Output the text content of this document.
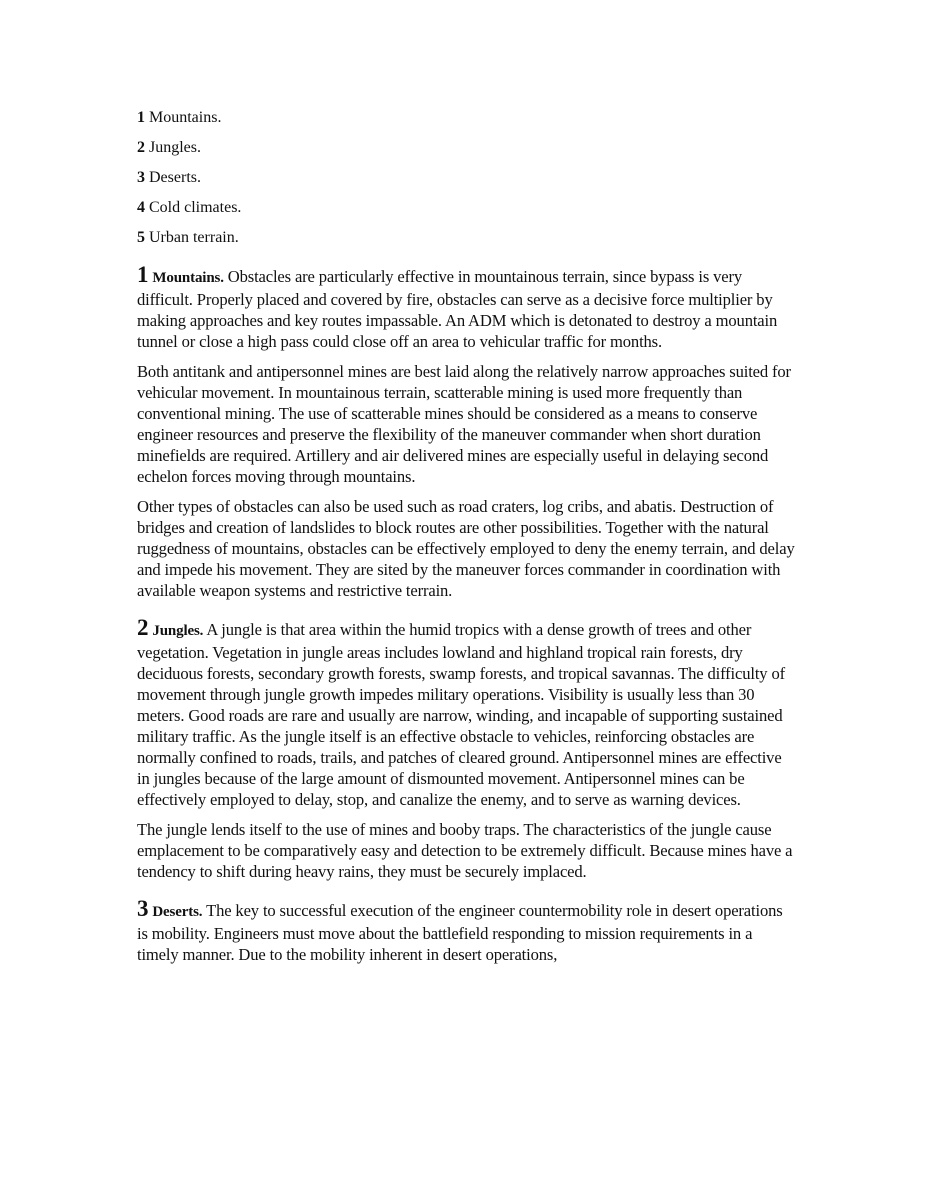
1 Mountains.
2 Jungles.
3 Deserts.
4 Cold climates.
5 Urban terrain.

1 Mountains. Obstacles are particularly effective in mountainous terrain, since bypass is very difficult. Properly placed and covered by fire, obstacles can serve as a decisive force multiplier by making approaches and key routes impassable. An ADM which is detonated to destroy a mountain tunnel or close a high pass could close off an area to vehicular traffic for months.

Both antitank and antipersonnel mines are best laid along the relatively narrow approaches suited for vehicular movement. In mountainous terrain, scatterable mining is used more frequently than conventional mining. The use of scatterable mines should be considered as a means to conserve engineer resources and preserve the flexibility of the maneuver commander when short duration minefields are required. Artillery and air delivered mines are especially useful in delaying second echelon forces moving through mountains.

Other types of obstacles can also be used such as road craters, log cribs, and abatis. Destruction of bridges and creation of landslides to block routes are other possibilities. Together with the natural ruggedness of mountains, obstacles can be effectively employed to deny the enemy terrain, and delay and impede his movement. They are sited by the maneuver forces commander in coordination with available weapon systems and restrictive terrain.

2 Jungles. A jungle is that area within the humid tropics with a dense growth of trees and other vegetation. Vegetation in jungle areas includes lowland and highland tropical rain forests, dry deciduous forests, secondary growth forests, swamp forests, and tropical savannas. The difficulty of movement through jungle growth impedes military operations. Visibility is usually less than 30 meters. Good roads are rare and usually are narrow, winding, and incapable of supporting sustained military traffic. As the jungle itself is an effective obstacle to vehicles, reinforcing obstacles are normally confined to roads, trails, and patches of cleared ground. Antipersonnel mines are effective in jungles because of the large amount of dismounted movement. Antipersonnel mines can be effectively employed to delay, stop, and canalize the enemy, and to serve as warning devices.

The jungle lends itself to the use of mines and booby traps. The characteristics of the jungle cause emplacement to be comparatively easy and detection to be extremely difficult. Because mines have a tendency to shift during heavy rains, they must be securely implaced.

3 Deserts. The key to successful execution of the engineer countermobility role in desert operations is mobility. Engineers must move about the battlefield responding to mission requirements in a timely manner. Due to the mobility inherent in desert operations,
